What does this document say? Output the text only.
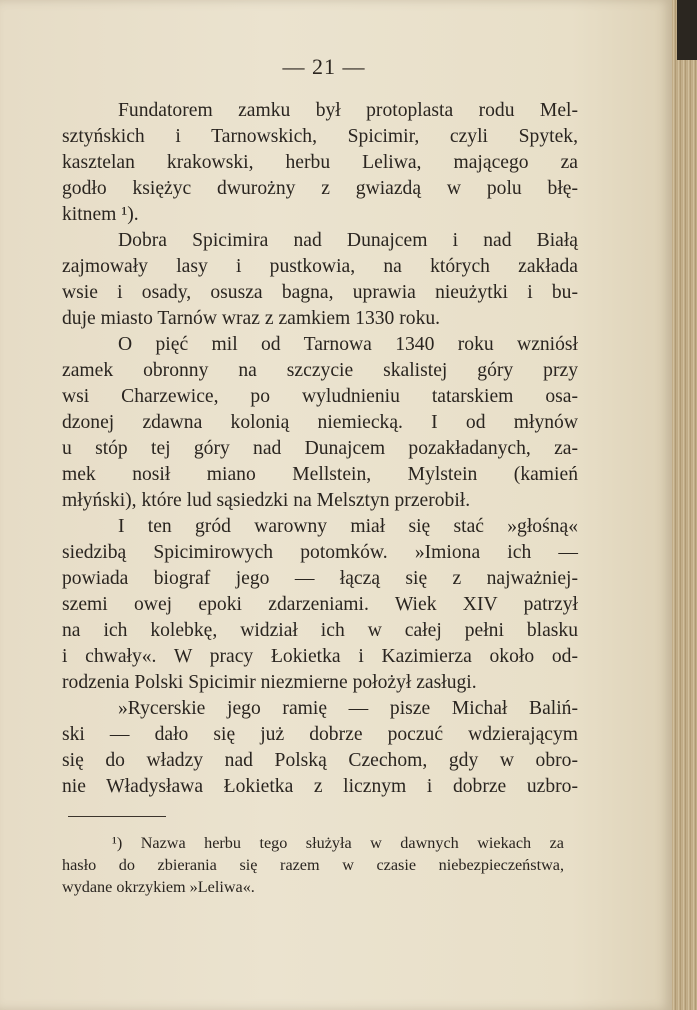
— 21 —
Fundatorem zamku był protoplasta rodu Mel-
sztyńskich i Tarnowskich, Spicimir, czyli Spytek,
kasztelan krakowski, herbu Leliwa, mającego za
godło księżyc dwurożny z gwiazdą w polu błę-
kitnem ¹).
Dobra Spicimira nad Dunajcem i nad Białą
zajmowały lasy i pustkowia, na których zakłada
wsie i osady, osusza bagna, uprawia nieużytki i bu-
duje miasto Tarnów wraz z zamkiem 1330 roku.
O pięć mil od Tarnowa 1340 roku wzniósł
zamek obronny na szczycie skalistej góry przy
wsi Charzewice, po wyludnieniu tatarskiem osa-
dzonej zdawna kolonią niemiecką. I od młynów
u stóp tej góry nad Dunajcem pozakładanych, za-
mek nosił miano Mellstein, Mylstein (kamień
młyński), które lud sąsiedzki na Melsztyn przerobił.
I ten gród warowny miał się stać »głośną«
siedzibą Spicimirowych potomków. »Imiona ich —
powiada biograf jego — łączą się z najważniej-
szemi owej epoki zdarzeniami. Wiek XIV patrzył
na ich kolebkę, widział ich w całej pełni blasku
i chwały«. W pracy Łokietka i Kazimierza około od-
rodzenia Polski Spicimir niezmierne położył zasługi.
»Rycerskie jego ramię — pisze Michał Baliń-
ski — dało się już dobrze poczuć wdzierającym
się do władzy nad Polską Czechom, gdy w obro-
nie Władysława Łokietka z licznym i dobrze uzbro-
¹) Nazwa herbu tego służyła w dawnych wiekach za
hasło do zbierania się razem w czasie niebezpieczeństwa,
wydane okrzykiem »Leliwa«.
